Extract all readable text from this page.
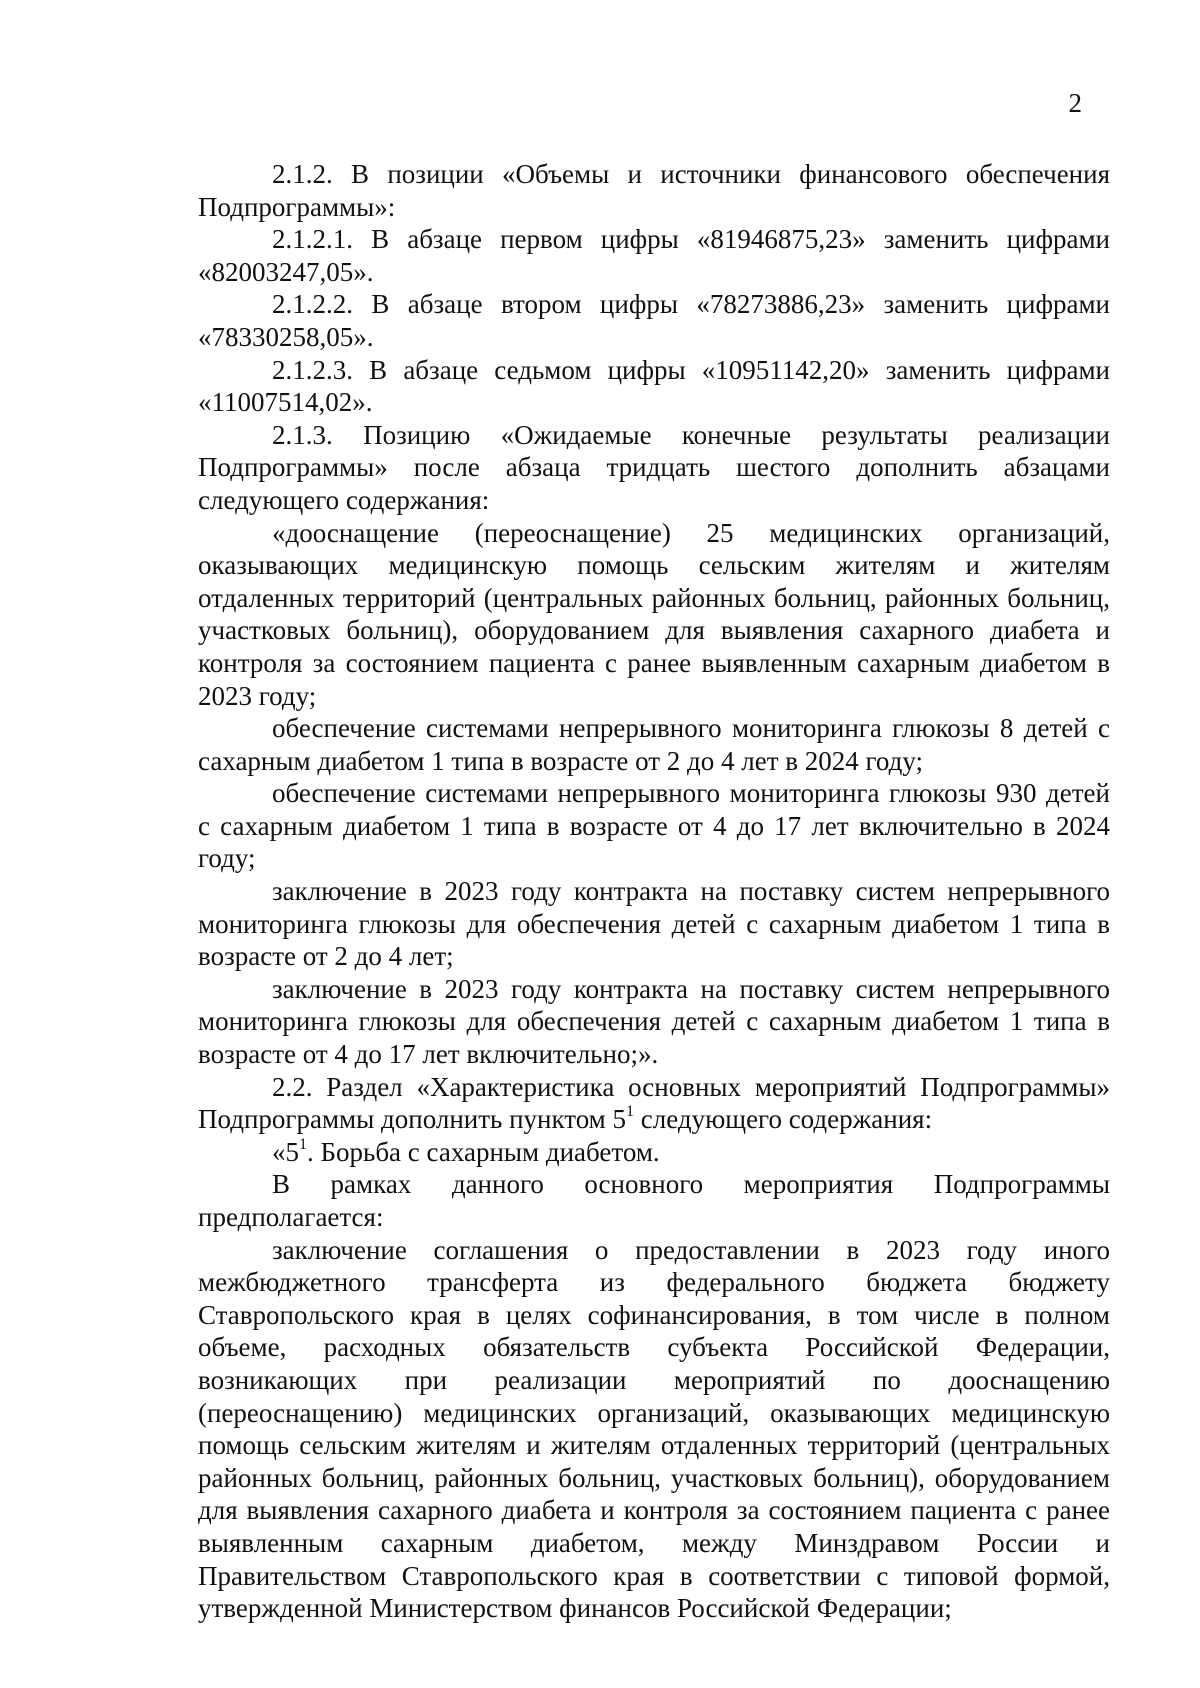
2

2.1.2. В позиции «Объемы и источники финансового обеспечения Подпрограммы»:

2.1.2.1. В абзаце первом цифры «81946875,23» заменить цифрами «82003247,05».

2.1.2.2. В абзаце втором цифры «78273886,23» заменить цифрами «78330258,05».

2.1.2.3. В абзаце седьмом цифры «10951142,20» заменить цифрами «11007514,02».

2.1.3. Позицию «Ожидаемые конечные результаты реализации Подпрограммы» после абзаца тридцать шестого дополнить абзацами следующего содержания:

«дооснащение (переоснащение) 25 медицинских организаций, оказывающих медицинскую помощь сельским жителям и жителям отдаленных территорий (центральных районных больниц, районных больниц, участковых больниц), оборудованием для выявления сахарного диабета и контроля за состоянием пациента с ранее выявленным сахарным диабетом в 2023 году;

обеспечение системами непрерывного мониторинга глюкозы 8 детей с сахарным диабетом 1 типа в возрасте от 2 до 4 лет в 2024 году;

обеспечение системами непрерывного мониторинга глюкозы 930 детей с сахарным диабетом 1 типа в возрасте от 4 до 17 лет включительно в 2024 году;

заключение в 2023 году контракта на поставку систем непрерывного мониторинга глюкозы для обеспечения детей с сахарным диабетом 1 типа в возрасте от 2 до 4 лет;

заключение в 2023 году контракта на поставку систем непрерывного мониторинга глюкозы для обеспечения детей с сахарным диабетом 1 типа в возрасте от 4 до 17 лет включительно;».

2.2. Раздел «Характеристика основных мероприятий Подпрограммы» Подпрограммы дополнить пунктом $5^1$ следующего содержания:

«$5^1$. Борьба с сахарным диабетом.

В рамках данного основного мероприятия Подпрограммы предполагается:

заключение соглашения о предоставлении в 2023 году иного межбюджетного трансферта из федерального бюджета бюджету Ставропольского края в целях софинансирования, в том числе в полном объеме, расходных обязательств субъекта Российской Федерации, возникающих при реализации мероприятий по дооснащению (переоснащению) медицинских организаций, оказывающих медицинскую помощь сельским жителям и жителям отдаленных территорий (центральных районных больниц, районных больниц, участковых больниц), оборудованием для выявления сахарного диабета и контроля за состоянием пациента с ранее выявленным сахарным диабетом, между Минздравом России и Правительством Ставропольского края в соответствии с типовой формой, утвержденной Министерством финансов Российской Федерации;
